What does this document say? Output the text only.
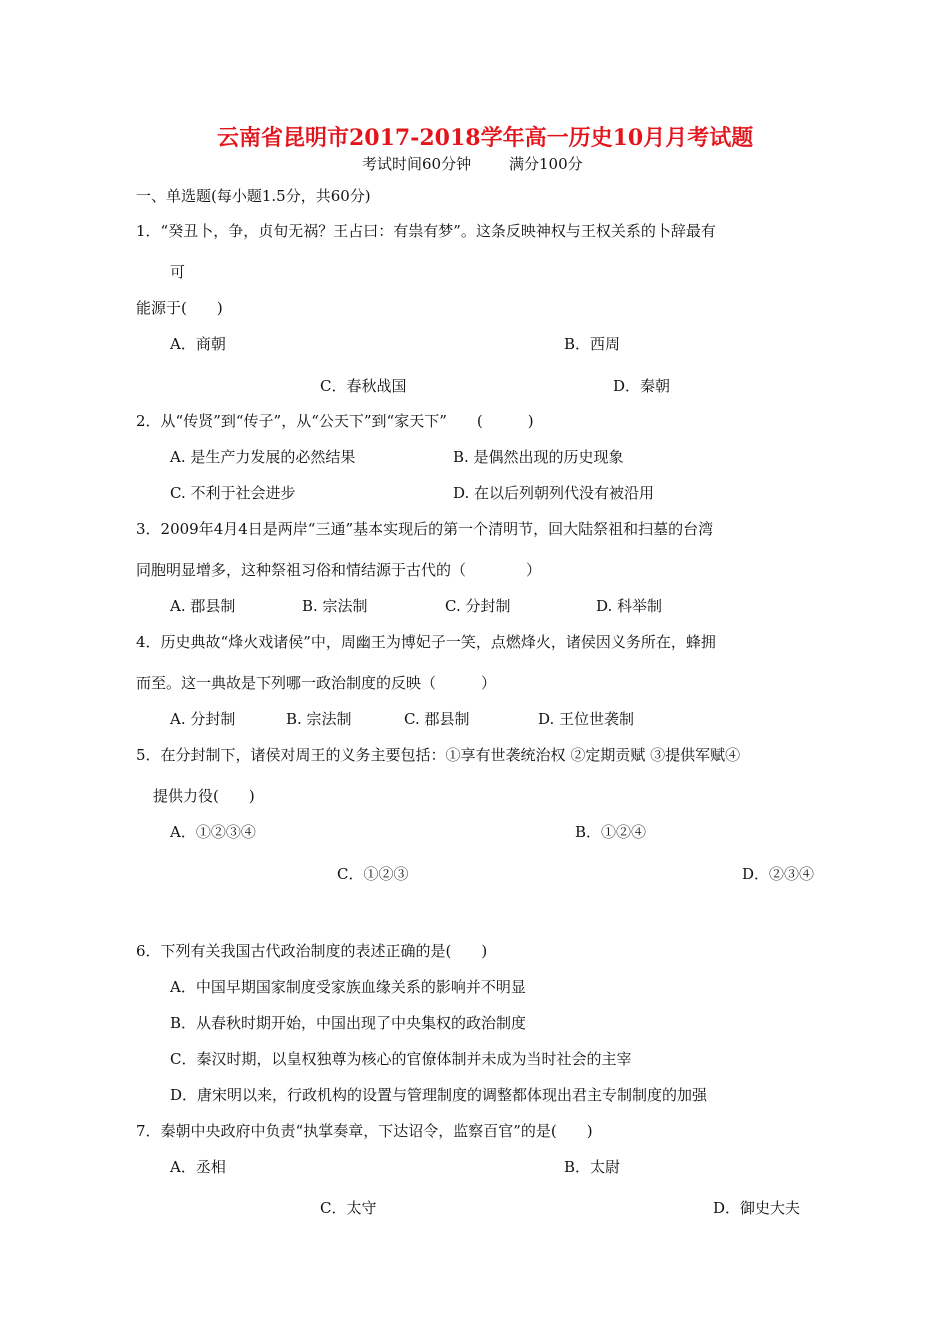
云南省昆明市2017-2018学年高一历史10月月考试题
考试时间60分钟	满分100分
一、单选题(每小题1.5分，共60分)
1．“癸丑卜，争，贞旬无祸？王占曰：有祟有梦”。这条反映神权与王权关系的卜辞最有
可
能源于(　　)
A．商朝	B．西周
C．春秋战国	D．秦朝
2．从“传贤”到“传子”，从“公天下”到“家天下”　　(　　　)
A. 是生产力发展的必然结果	B. 是偶然出现的历史现象
C. 不利于社会进步	D. 在以后列朝列代没有被沿用
3．2009年4月4日是两岸“三通”基本实现后的第一个清明节，回大陆祭祖和扫墓的台湾
同胞明显增多，这种祭祖习俗和情结源于古代的（　　　　）
A. 郡县制	B. 宗法制	C. 分封制	D. 科举制
4．历史典故“烽火戏诸侯”中，周幽王为博妃子一笑，点燃烽火，诸侯因义务所在，蜂拥
而至。这一典故是下列哪一政治制度的反映（　　　）
A. 分封制	B. 宗法制	C. 郡县制	D. 王位世袭制
5．在分封制下，诸侯对周王的义务主要包括：①享有世袭统治权 ②定期贡赋 ③提供军赋④
提供力役(　　)
A．①②③④	B．①②④
C．①②③	D．②③④
6．下列有关我国古代政治制度的表述正确的是(　　)
A．中国早期国家制度受家族血缘关系的影响并不明显
B．从春秋时期开始，中国出现了中央集权的政治制度
C．秦汉时期，以皇权独尊为核心的官僚体制并未成为当时社会的主宰
D．唐宋明以来，行政机构的设置与管理制度的调整都体现出君主专制制度的加强
7．秦朝中央政府中负责“执掌奏章，下达诏令，监察百官”的是(　　)
A．丞相	B．太尉
C．太守	D．御史大夫
